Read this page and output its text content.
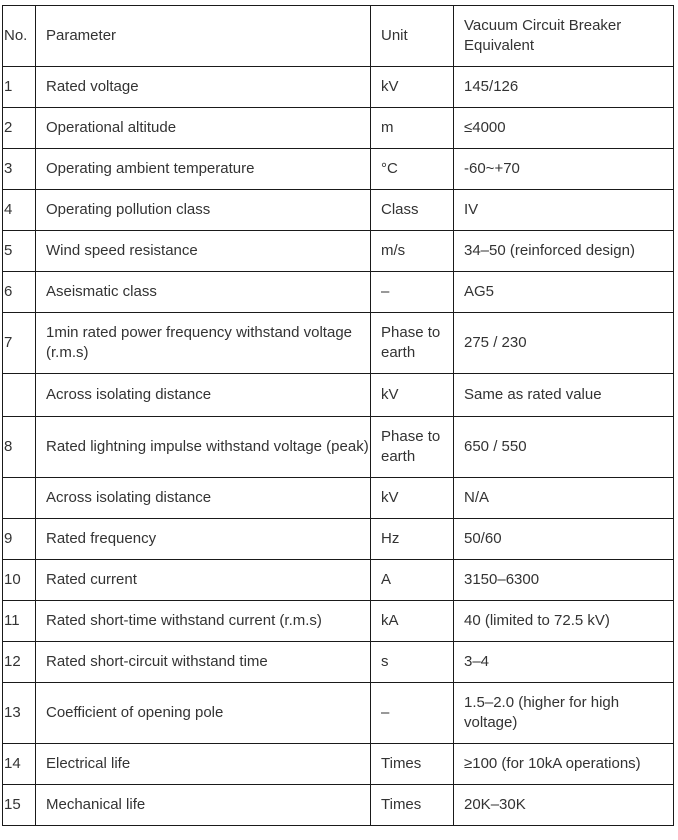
No.	Parameter	Unit	Vacuum Circuit Breaker Equivalent
1	Rated voltage	kV	145/126
2	Operational altitude	m	≤4000
3	Operating ambient temperature	°C	-60~+70
4	Operating pollution class	Class	IV
5	Wind speed resistance	m/s	34–50 (reinforced design)
6	Aseismatic class	–	AG5
7	1min rated power frequency withstand voltage (r.m.s)	Phase to earth	275 / 230
	Across isolating distance	kV	Same as rated value
8	Rated lightning impulse withstand voltage (peak)	Phase to earth	650 / 550
	Across isolating distance	kV	N/A
9	Rated frequency	Hz	50/60
10	Rated current	A	3150–6300
11	Rated short-time withstand current (r.m.s)	kA	40 (limited to 72.5 kV)
12	Rated short-circuit withstand time	s	3–4
13	Coefficient of opening pole	–	1.5–2.0 (higher for high voltage)
14	Electrical life	Times	≥100 (for 10kA operations)
15	Mechanical life	Times	20K–30K
